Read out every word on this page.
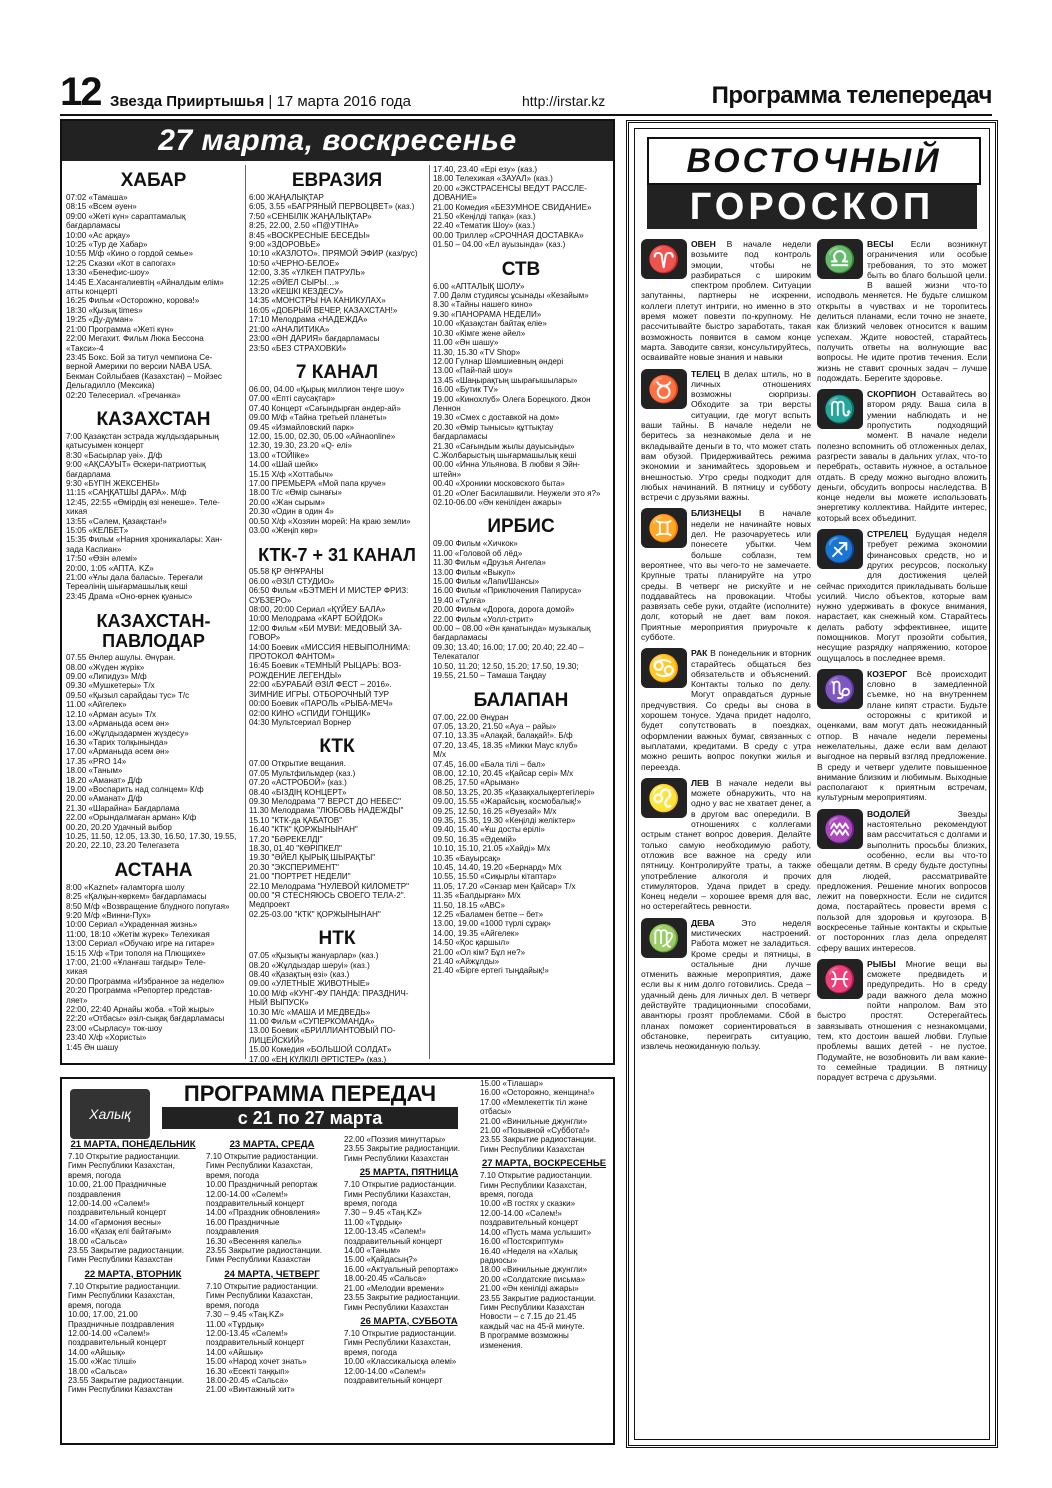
12 Звезда Прииртышья | 17 марта 2016 года	http://irstar.kz	Программа телепередач
27 марта, воскресенье
ХАБАР

07:02 «Тамаша»

08:15 «Всем әуен»

09:00 «Жеті күн» сараптамалық

бағдарламасы

10:00 «Ас арқау»

10:25 «Тур де Хабар»

10:55 М/ф «Кино о гордой семье»

12:25 Сказки «Кот в сапогах»

13:30 «Бенефис-шоу»

14:45 Е.Хасангалиевтің «Айналдым елім»

атты концерті

16:25 Фильм «Осторожно, корова!»

18:30 «Қызық times»

19:25 «Ду-думан»

21:00 Программа «Жеті күн»

22:00 Мегахит. Фильм Люка Бессона

«Такси»-4

23:45 Бокс. Бой за титул чемпиона Се-

верной Америки по версии NABA USA.

Бекман Сойлыбаев (Казахстан) – Мойзес

Дельгадилло (Мексика)

02:20 Телесериал. «Гречанка»

КАЗАХСТАН

7:00 Қазақстан эстрада жұлдыздарының

қатысуымен концерт

8:30 «Басырлар уәі». Д/ф

9:00 «АҚСАУЫТ» Әскери-патриоттық

бағдарлама

9:30 «БҮГІН ЖЕКСЕНБІ»

11:15 «САҢҚАТШЫ ДАРА». М/ф

12:45, 22:55 «Өмірдің өзі ненеше». Теле-

хикая

13:55 «Сәлем, Қазақстан!»

15:05 «КЕЛБЕТ»

15:35 Фильм «Нарния хроникалары: Хан-

зада Каспиан»

17:50 «Өзін әлемі»

20:00, 1:05 «АПТА. KZ»

21:00 «Ұлы дала баласы». Тереғали

Тереәлінің шығармашылық кеші

23:45 Драма «Оно-өрнек қуаныс»

КАЗАХСТАН-ПАВЛОДАР

07.55 Әнлер ашулы. Әнүран.

08.00 «Жүден жүрік»

09.00 «Липидуз» М/ф

09.30 «Мушкетеры» Т/х

09.50 «Қызыл сарайдаы тус» Т/с

11.00 «Айгелек»

12.10 «Арман асуы» Т/х

13.00 «Арманыда әсем ән»

16.00 «Жұлдыздармен жүздесу»

16.30 «Тарих толқынында»

17.00 «Арманыда әсем ән»

17.35 «PRO 14»

18.00 «Таным»

18.20 «Аманат» Д/ф

19.00 «Воспарить над солнцем» К/ф

20.00 «Аманат» Д/ф

21.30 «Шарайна» Бағдарлама

22.00 «Орындалмаған арман» К/ф

00.20, 20.20 Удачный выбор

10.25, 11.50, 12.05, 13.30, 16.50, 17.30, 19.55,

20.20, 22.10, 23.20 Телегазета

АСТАНА

8:00 «Kaznet» ғаламторға шолу

8:25 «Қалқын-көркем» бағдарламасы

8:50 М/ф «Возвращение блудного попугая»

9:20 М/ф «Винни-Пух»

10:00 Сериал «Украденная жизнь»

11:00, 18:10 «Жетім жүрек» Телехикая

13:00 Сериал «Обучаю игре на гитаре»

15:15 Х/ф «Три тополя на Плющихе»

17:00, 21:00 «Ұланғаш тағдыр» Теле-

хикая

20:00 Программа «Избранное за неделю»

20:20 Программа «Репортер представ-

ляет»

22:00, 22:40 Арнайы жоба. «Той жыры»

22:20 «Отбасы» әзіл-сықақ бағдарламасы

23:00 «Сырласу» ток-шоу

23:40 Х/ф «Хористы»

1:45 Ән шашу

ЕВРАЗИЯ

6:00 ЖАҢАЛЫҚТАР

6:05, 3.55 «БАГРЯНЫЙ ПЕРВОЦВЕТ» (каз.)

7:50 «СЕНБІЛІК ЖАҢАЛЫҚТАР»

8:25, 22.00, 2.50 «П@УТІНА»

8:45 «ВОСКРЕСНЫЕ БЕСЕДЫ»

9:00 «ЗДОРОВЬЕ»

10:10 «КАЗЛОТО». ПРЯМОЙ ЭФИР (каз/рус)

10:50 «ЧЕРНО-БЕЛОЕ»

12:00, 3.35 «ҮЛКЕН ПАТРУЛЬ»

12:25 «ӘЙЕЛ СЫРЫ…»

13:20 «КЕШКІ КЕЗДЕСУ»

14:35 «МОНСТРЫ НА КАНИКУЛАХ»

16:05 «ДОБРЫЙ ВЕЧЕР, КАЗАХСТАН!»

17:10 Мелодрама «НАДЕЖДА»

21:00 «АНАЛИТИКА»

23:00 «ӘН ДАРИЯ» бағдарламасы

23:50 «БЕЗ СТРАХОВКИ»

7 КАНАЛ

06.00, 04.00 «Қырық миллион теңге шоу»

07.00 «Епті саусақтар»

07.40 Концерт «Сағындырған әндер-ай»

09.00 М/ф «Тайна третьей планеты»

09.45 «Измайловский парк»

12.00, 15.00, 02.30, 05.00 «Айнаonline»

12.30, 19.30, 23.20 «Q- елі»

13.00 «ТОЙlike»

14.00 «Шай шейк»

15.15 Х/ф «Хоттабыч»

17.00 ПРЕМЬЕРА «Мой папа круче»

18.00 Т/с «Өмір сынағы»

20.00 «Жан сырым»

20.30 «Один в один 4»

00.50 Х/ф «Хозяин морей: На краю земли»

03.00 «Жеңіп көр»

КТК-7 + 31 КАНАЛ

05.58 ҚР ӘНҰРАНЫ

06.00 «ӘЗІЛ СТУДИО»

06:50 Фильм «БЭТМЕН И МИСТЕР ФРИЗ:

СУБЗЕРО»

08:00, 20:00 Сериал «ҚҮЙЕУ БАЛА»

10:00 Мелодрама «КАРТ БОЙДОК»

12:00 Фильм «БИ МУВИ: МЕДОВЫЙ ЗА-

ГОВОР»

14:00 Боевик «МИССИЯ НЕВЫПОЛНИМА:

ПРОТОКОЛ ФАНТОМ»

16:45 Боевик «ТЕМНЫЙ РЫЦАРЬ: ВОЗ-

РОЖДЕНИЕ ЛЕГЕНДЫ»

22:00 «БУРАБАЙ ӘЗІЛ ФЕСТ – 2016».

ЗИМНИЕ ИГРЫ. ОТБОРОЧНЫЙ ТУР

00:00 Боевик «ПАРОЛЬ «РЫБА-МЕЧ»

02:00 КИНО «СПИДИ ГОНЩИК»

04:30 Мультсериал Ворнер

КТК

07.00 Открытие вещания.

07.05 Мультфильмдер (каз.)

07.20 «АСТРОБОЙ» (каз.)

08.40 «БІЗДІҢ КОНЦЕРТ»

09.30 Мелодрама "7 ВЕРСТ ДО НЕБЕС"

11.30 Мелодрама "ЛЮБОВЬ НАДЕЖДЫ"

15.10 "КТК-да ҚАБАТОВ"

16.40 "КТК" ҚОРЖЫНЫНАН"

17.20 "БӘРЕКЕЛДІ"

18.30, 01.40 "КӨРІПКЕЛ"

19.30 "ӘЙЕЛ ҚЫРЫҚ ШЫРАҚТЫ"

20.30 "ЭКСПЕРИМЕНТ"

21.00 "ПОРТРЕТ НЕДЕЛИ"

22.10 Мелодрама "НУЛЕВОЙ КИЛОМЕТР"

00.00 "Я СТЕСНЯЮСЬ СВОЕГО ТЕЛА-2".

Медпроект

02.25-03.00 "КТК" ҚОРЖЫНЫНАН"

НТК

07.05 «Қызықты жануарлар» (каз.)

08.20 «Жұлдыздар шеруі» (каз.)

08.40 «Қазақтың өзі» (каз.)

09.00 «УЛЕТНЫЕ ЖИВОТНЫЕ»

10.00 М/ф «КУНГ-ФУ ПАНДА: ПРАЗДНИЧ-

НЫЙ ВЫПУСК»

10.30 М/с «МАША И МЕДВЕДЬ»

11.00 Фильм «СУПЕРКОМАНДА»

13.00 Боевик «БРИЛЛИАНТОВЫЙ ПО-

ЛИЦЕЙСКИЙ»

15.00 Комедия «БОЛЬШОЙ СОЛДАТ»

17.00 «ЕҢ КҮЛКІЛІ ӘРТІСТЕР» (каз.)

17.40, 23.40 «Ері езу» (каз.)

18.00 Телехикая «ЗАУАЛ» (каз.)

20.00 «ЭКСТРАСЕНСЫ ВЕДУТ РАССЛЕ-

ДОВАНИЕ»

21.00 Комедия «БЕЗУМНОЕ СВИДАНИЕ»

21.50 «Кеңілді тапқа» (каз.)

22.40 «Тематик Шоу» (каз.)

00.00 Триллер «СРОЧНАЯ ДОСТАВКА»

01.50 – 04.00 «Ел ауызында» (каз.)

СТВ

6.00 «АПТАЛЫҚ ШОЛУ»

7.00 Дәлм студиясы ұсынады «Кезайым»

8.30 «Тайны нашего кино»

9.30 «ПАНОРАМА НЕДЕЛИ»

10.00 «Қазақстан байтақ еліе»

10.30 «Кімге жене әйел»

11.00 «Ән шашу»

11.30, 15.30 «TV Shop»

12.00 Гүлнар Шәмшиевның әндері

13.00 «Пай-пай шоу»

13.45 «Шаңырақтың шырағышылары»

16.00 «Бутик TV»

19.00 «Кинохлуб» Олега Борецкого. Джон

Леннон

19.30 «Смех с доставкой на дом»

20.30 «Өмір тынысы» құттықтау

бағдарламасы

21.30 «Сағындым жылы дауысынды»

С.Жолбарыстың шығармашылық кеші

00.00 «Инна Ульянова. В любви я Эйн-

штейн»

00.40 «Хроники московского быта»

01.20 «Олег Басилашвили. Неужели это я?»

02.10-06.00 «Ән кеніліден ажары»

ИРБИС

09.00 Фильм «Хичкок»

11.00 «Головой об лёд»

11.30 Фильм «Друзья Ангела»

13.00 Фильм «Выкуп»

15.00 Фильм «Лапи/Шансы»

16.00 Фильм «Приключения Папируса»

19.40 «Тұлға»

20.00 Фильм «Дорога, дорога домой»

22.00 Фильм «Уолл-стрит»

00.00 – 08.00 «Ән қанатында» музыкалық

бағдарламасы

09.30; 13.40; 16.00; 17.00; 20.40; 22.40 –

Телекаталог

10.50, 11.20; 12.50, 15.20; 17.50, 19.30;

19.55, 21.50 – Тамаша Таңдау

БАЛАПАН

07.00, 22.00 Әнұран

07.05, 13.20, 21.50 «Аyа – райы»

07.10, 13.35 «Алақай, балақай!». Б/ф

07.20, 13.45, 18.35 «Микки Маус клуб»

М/х

07.45, 16.00 «Бала тілі – бал»

08.00, 12.10, 20.45 «Қайсар серi» М/х

08.25, 17.50 «Арыман»

08.50, 13.25, 20.35 «Қазақхалықертегілері»

09.00, 15.55 «Жарайсың, космобалық!»

09.25, 12.50, 16.25 «Әуезай» М/х

09.35, 15.35, 19.30 «Кеңілді желіктер»

09.40, 15.40 «Ұш досты ерілі»

09.50, 16.35 «Әдемій»

10.10, 15.10, 21.05 «Хайді» М/х

10.35 «Бауырсақ»

10.45, 14.40, 19.20 «Бернард» М/х

10.55, 15.50 «Сиқырлы кітаптар»

11.05, 17.20 «Сәнзар мен Қайсар» Т/х

11.35 «Балдырған» М/х

11.50, 18.15 «АВС»

12.25 «Баламен бетпе – бет»

13.00, 19.00 «1000 түрлі сұрақ»

14.00, 19.35 «Айгелек»

14.50 «Қос қаршыл»

21.00 «Ол кім? Бұл не?»

21.40 «Айжұлды»

21.40 «Бірге ертегі тыңдайық!»

Халық
ПРОГРАММА ПЕРЕДАЧ
с 21 по 27 марта
21 МАРТА, ПОНЕДЕЛЬНИК

7.10 Открытие радиостанции.

Гимн Республики Казахстан,

время, погода

10.00, 21.00 Праздничные

поздравления

12.00-14.00 «Сәлем!»

поздравительный концерт

14.00 «Гармония весны»

16.00 «Қазақ елі байтағым»

18.00 «Сальса»

23.55 Закрытие радиостанции.

Гимн Республики Казахстан

22 МАРТА, ВТОРНИК

7.10 Открытие радиостанции.

Гимн Республики Казахстан,

время, погода

10.00, 17.00, 21.00

Праздничные поздравления

12.00-14.00 «Сәлем!»

поздравительный концерт

14.00 «Айшық»

15.00 «Жас тілші»

18.00 «Сальса»

23.55 Закрытие радиостанции.

Гимн Республики Казахстан

23 МАРТА, СРЕДА

7.10 Открытие радиостанции.

Гимн Республики Казахстан,

время, погода

10.00 Праздничный репортаж

12.00-14.00 «Сәлем!»

поздравительный концерт

14.00 «Праздник обновления»

16.00 Праздничные

поздравления

16.30 «Весенняя капель»

23.55 Закрытие радиостанции.

Гимн Республики Казахстан

24 МАРТА, ЧЕТВЕРГ

7.10 Открытие радиостанции.

Гимн Республики Казахстан,

время, погода

7.30 – 9.45 «Таң.KZ»

11.00 «Тұрдық»

12.00-13.45 «Сәлем!»

поздравительный концерт

14.00 «Айшық»

15.00 «Народ хочет знать»

16.30 «Есекті таңқып»

18.00-20.45 «Сальса»

21.00 «Винтажный хит»

22.00 «Поэзия минуттары»

23.55 Закрытие радиостанции.

Гимн Республики Казахстан

25 МАРТА, ПЯТНИЦА

7.10 Открытие радиостанции.

Гимн Республики Казахстан,

время, погода

7.30 – 9.45 «Таң.KZ»

11.00 «Тұрдық»

12.00-13.45 «Сәлем!»

поздравительный концерт

14.00 «Таным»

15.00 «Қайдасың?»

16.00 «Актуальный репортаж»

18.00-20.45 «Сальса»

21.00 «Мелодии времени»

23.55 Закрытие радиостанции.

Гимн Республики Казахстан

26 МАРТА, СУББОТА

7.10 Открытие радиостанции.

Гимн Республики Казахстан,

время, погода

10.00 «Классикалысқа әлемі»

12.00-14.00 «Сәлем!»

поздравительный концерт

15.00 «Тілашар»

16.00 «Осторожно, женщина!»

17.00 «Мемлекеттік тіл және

отбасы»

21.00 «Винильные джунгли»

21.00 «Позывной «Суббота!»

23.55 Закрытие радиостанции.

Гимн Республики Казахстан

27 МАРТА, ВОСКРЕСЕНЬЕ

7.10 Открытие радиостанции.

Гимн Республики Казахстан,

время, погода

10.00 «В гостях у сказки»

12.00-14.00 «Сәлем!»

поздравительный концерт

14.00 «Пусть мама услышит»

16.00 «Постскриптум»

16.40 «Неделя на «Халық

радиосы»

18.00 «Винильные джунгли»

20.00 «Солдатские письма»

21.00 «Ән кеніліді ажары»

23.55 Закрытие радиостанции.

Гимн Республики Казахстан

Новости – с 7.15 до 21.45

каждый час на 45-й минуте.

В программе возможны

изменения.

ВОСТОЧНЫЙ
ГОРОСКОП
♈	ОВЕН В начале недели возьмите под контроль эмоции, чтобы не разбираться с широким спектром проблем. Ситуации запутанны, партнеры не искренни, коллеги плетут интриги, но именно в это время может повезти по-крупному. Не рассчитывайте быстро заработать, такая возможность появится в самом конце марта. Заводите связи, консультируйтесь, осваивайте новые знания и навыки
♉	ТЕЛЕЦ В делах штиль, но в личных отношениях возможны сюрпризы. Обходите за три версты ситуации, где могут вспыть ваши тайны. В начале недели не беритесь за незнакомые дела и не вкладывайте деньги в то, что может стать вам обузой. Придерживайтесь режима экономии и занимайтесь здоровьем и внешностью. Утро среды подходит для любых начинаний. В пятницу и субботу встречи с друзьями важны.
♊	БЛИЗНЕЦЫ В начале недели не начинайте новых дел. Не разочаруетесь или понесете убытки. Чем больше соблазн, тем вероятнее, что вы чего-то не замечаете. Крупные траты планируйте на утро среды. В четверг не рискуйте и не поддавайтесь на провокации. Чтобы развязать себе руки, отдайте (исполните) долг, который не дает вам покоя. Приятные мероприятия приурочьте к субботе.
♋	РАК В понедельник и вторник старайтесь общаться без обязательств и объяснений. Контакты только по делу. Могут оправдаться дурные предчувствия. Со среды вы снова в хорошем тонусе. Удача придет надолго, будет сопутствовать в поездках, оформлении важных бумаг, связанных с выплатами, кредитами. В среду с утра можно решить вопрос покупки жилья и переезда.
♌	ЛЕВ В начале недели вы можете обнаружить, что на одно у вас не хватает денег, а в другом вас опередили. В отношениях с коллегами острым станет вопрос доверия. Делайте только самую необходимую работу, отложив все важное на среду или пятницу. Контролируйте траты, а также употребление алкоголя и прочих стимуляторов. Удача придет в среду. Конец недели – хорошее время для вас, но остерегайтесь ревности.
♍	ДЕВА	Это неделя мистических настроений. Работа может не заладиться. Кроме среды и пятницы, в остальные дни лучше отменить важные мероприятия, даже если вы к ним долго готовились. Среда – удачный день для личных дел. В четверг действуйте традиционными способами, авантюры грозят проблемами. Сбой в планах поможет сориентироваться в обстановке, переиграть ситуацию, извлечь неожиданную пользу.
♎	ВЕСЫ Если возникнут ограничения или особые требования, то это может быть во благо большой цели. В вашей жизни что-то исподволь меняется. Не будьте слишком открыты в чувствах и не торопитесь делиться планами, если точно не знаете, как близкий человек относится к вашим успехам. Ждите новостей, старайтесь получить ответы на волнующие вас вопросы. Не идите против течения. Если жизнь не ставит срочных задач – лучше подождать. Берегите здоровье.
♏	СКОРПИОН Оставайтесь во втором ряду. Ваша сила в умении наблюдать и не пропустить подходящий момент. В начале недели полезно вспомнить об отложенных делах, разгрести завалы в дальних углах, что-то перебрать, оставить нужное, а остальное отдать. В среду можно выгодно вложить деньги, обсудить вопросы наследства. В конце недели вы можете использовать энергетику коллектива. Найдите интерес, который всех объединит.
♐	СТРЕЛЕЦ Будущая неделя требует режима экономии финансовых средств, но и других ресурсов, поскольку для достижения целей сейчас приходится прикладывать больше усилий. Число объектов, которые вам нужно удерживать в фокусе внимания, нарастает, как снежный ком. Старайтесь делать работу эффективнее, ищите помощников. Могут прозойти события, несущие разрядку напряжению, которое ощущалось в последнее время.
♑	КОЗЕРОГ Всё происходит словно в замедленной съемке, но на внутреннем плане кипят страсти. Будьте осторожны с критикой и оценками, вам могут дать неожиданный отпор. В начале недели перемены нежелательны, даже если вам делают выгодное на первый взгляд предложение. В среду и четверг уделите повышенное внимание близким и любимым. Выходные располагают к приятным встречам, культурным мероприятиям.
♒	ВОДОЛЕЙ	Звезды настоятельно рекомендуют вам рассчитаться с долгами и выполнить просьбы близких, особенно, если вы что-то обещали детям. В среду будьте доступны для людей, рассматривайте предложения. Решение многих вопросов лежит на поверхности. Если не сидится дома, постарайтесь провести время с пользой для здоровья и кругозора. В воскресенье тайные контакты и скрытые от посторонних глаз дела определят сферу ваших интересов.
♓	РЫБЫ Многие вещи вы сможете предвидеть и предупредить. Но в среду ради важного дела можно пойти напролом. Вам это быстро простят. Остерегайтесь завязывать отношения с незнакомцами, тем, кто достоин вашей любви. Глупые проблемы ваших детей - не пустое. Подумайте, не возобновить ли вам какие-то семейные традиции. В пятницу порадует встреча с друзьями.
